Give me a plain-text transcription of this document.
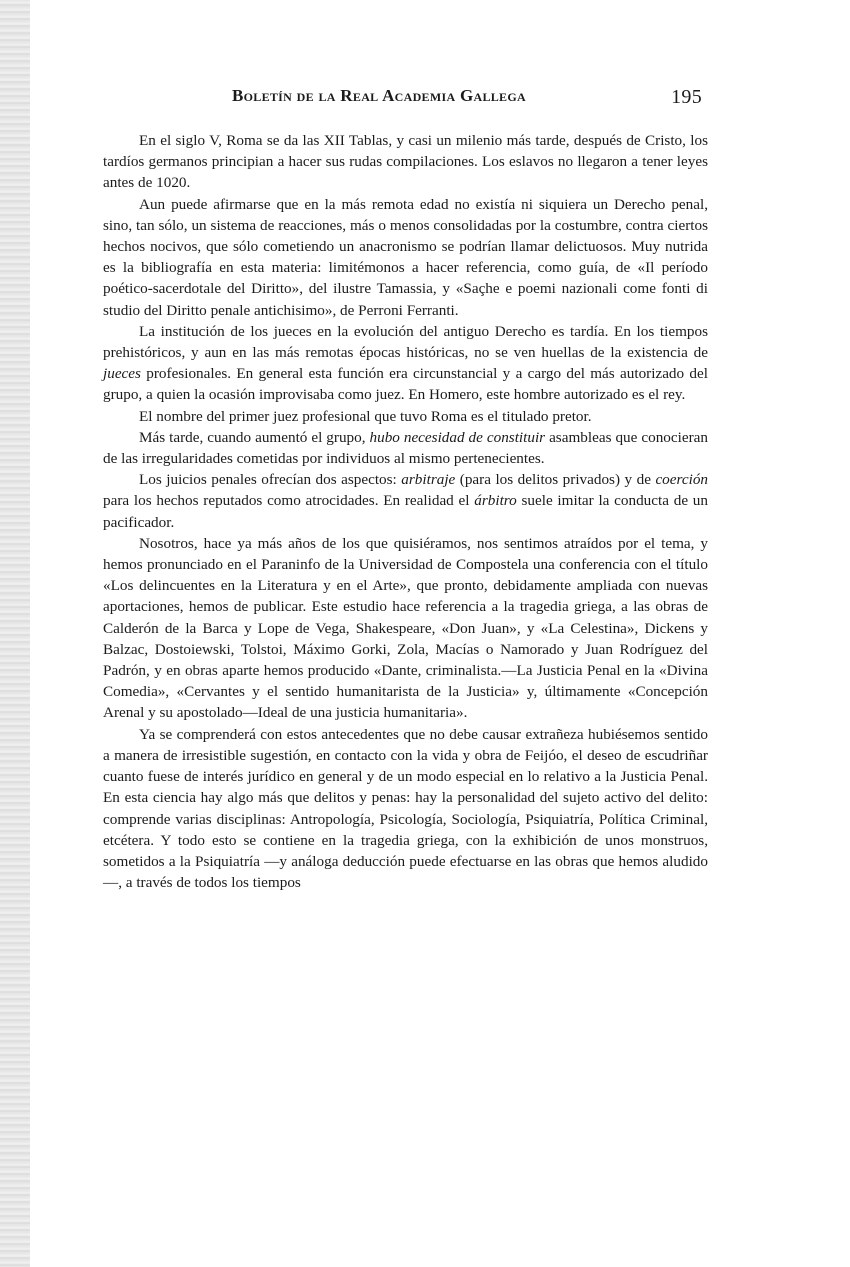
Boletín de la Real Academia Gallega	195

En el siglo V, Roma se da las XII Tablas, y casi un milenio más tarde, después de Cristo, los tardíos germanos principian a hacer sus rudas compilaciones. Los eslavos no llegaron a tener leyes antes de 1020.

Aun puede afirmarse que en la más remota edad no existía ni siquiera un Derecho penal, sino, tan sólo, un sistema de reacciones, más o menos consolidadas por la costumbre, contra ciertos hechos nocivos, que sólo cometiendo un anacronismo se podrían llamar delictuosos. Muy nutrida es la bibliografía en esta materia: limitémonos a hacer referencia, como guía, de «Il período poético-sacerdotale del Diritto», del ilustre Tamassia, y «Saçhe e poemi nazionali come fonti di studio del Diritto penale antichisimo», de Perroni Ferranti.

La institución de los jueces en la evolución del antiguo Derecho es tardía. En los tiempos prehistóricos, y aun en las más remotas épocas históricas, no se ven huellas de la existencia de jueces profesionales. En general esta función era circunstancial y a cargo del más autorizado del grupo, a quien la ocasión improvisaba como juez. En Homero, este hombre autorizado es el rey.

El nombre del primer juez profesional que tuvo Roma es el titulado pretor.

Más tarde, cuando aumentó el grupo, hubo necesidad de constituir asambleas que conocieran de las irregularidades cometidas por individuos al mismo pertenecientes.

Los juicios penales ofrecían dos aspectos: arbitraje (para los delitos privados) y de coerción para los hechos reputados como atrocidades. En realidad el árbitro suele imitar la conducta de un pacificador.

Nosotros, hace ya más años de los que quisiéramos, nos sentimos atraídos por el tema, y hemos pronunciado en el Paraninfo de la Universidad de Compostela una conferencia con el título «Los delincuentes en la Literatura y en el Arte», que pronto, debidamente ampliada con nuevas aportaciones, hemos de publicar. Este estudio hace referencia a la tragedia griega, a las obras de Calderón de la Barca y Lope de Vega, Shakespeare, «Don Juan», y «La Celestina», Dickens y Balzac, Dostoiewski, Tolstoi, Máximo Gorki, Zola, Macías o Namorado y Juan Rodríguez del Padrón, y en obras aparte hemos producido «Dante, criminalista.—La Justicia Penal en la «Divina Comedia», «Cervantes y el sentido humanitarista de la Justicia» y, últimamente «Concepción Arenal y su apostolado—Ideal de una justicia humanitaria».

Ya se comprenderá con estos antecedentes que no debe causar extrañeza hubiésemos sentido a manera de irresistible sugestión, en contacto con la vida y obra de Feijóo, el deseo de escudriñar cuanto fuese de interés jurídico en general y de un modo especial en lo relativo a la Justicia Penal. En esta ciencia hay algo más que delitos y penas: hay la personalidad del sujeto activo del delito: comprende varias disciplinas: Antropología, Psicología, Sociología, Psiquiatría, Política Criminal, etcétera. Y todo esto se contiene en la tragedia griega, con la exhibición de unos monstruos, sometidos a la Psiquiatría —y análoga deducción puede efectuarse en las obras que hemos aludido—, a través de todos los tiempos
